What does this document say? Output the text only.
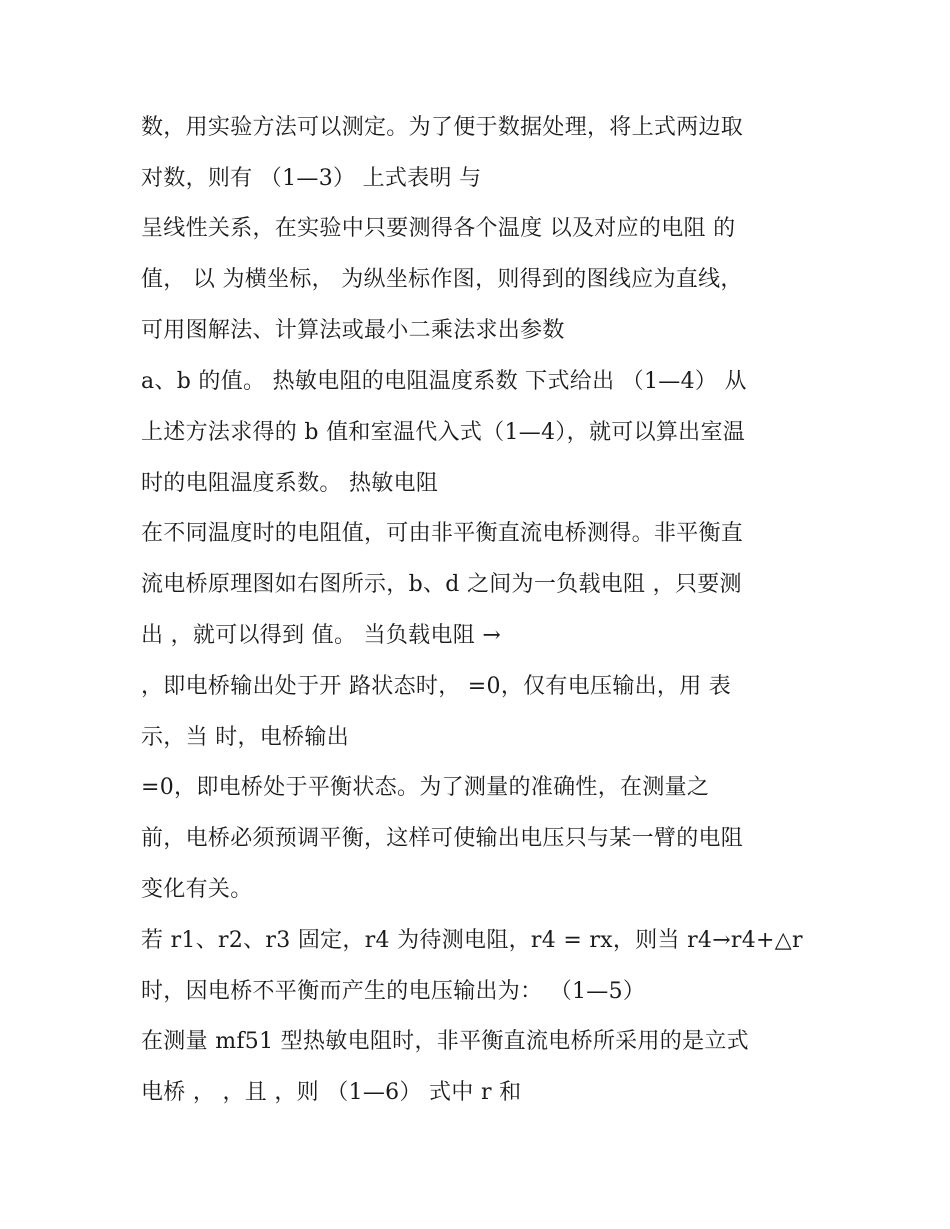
数，用实验方法可以测定。为了便于数据处理，将上式两边取
对数，则有 （1—3） 上式表明 与
呈线性关系，在实验中只要测得各个温度 以及对应的电阻 的
值， 以 为横坐标， 为纵坐标作图，则得到的图线应为直线，
可用图解法、计算法或最小二乘法求出参数
a、b 的值。 热敏电阻的电阻温度系数 下式给出 （1—4） 从
上述方法求得的 b 值和室温代入式（1—4），就可以算出室温
时的电阻温度系数。 热敏电阻
在不同温度时的电阻值，可由非平衡直流电桥测得。非平衡直
流电桥原理图如右图所示，b、d 之间为一负载电阻 ，只要测
出 ，就可以得到 值。 当负载电阻 →
，即电桥输出处于开 路状态时， =0，仅有电压输出，用 表
示，当 时，电桥输出
=0，即电桥处于平衡状态。为了测量的准确性，在测量之
前，电桥必须预调平衡，这样可使输出电压只与某一臂的电阻
变化有关。
若 r1、r2、r3 固定，r4 为待测电阻，r4 = rx，则当 r4→r4+△r
时，因电桥不平衡而产生的电压输出为： （1—5）
在测量 mf51 型热敏电阻时，非平衡直流电桥所采用的是立式
电桥 ， ，且 ，则 （1—6） 式中 r 和
